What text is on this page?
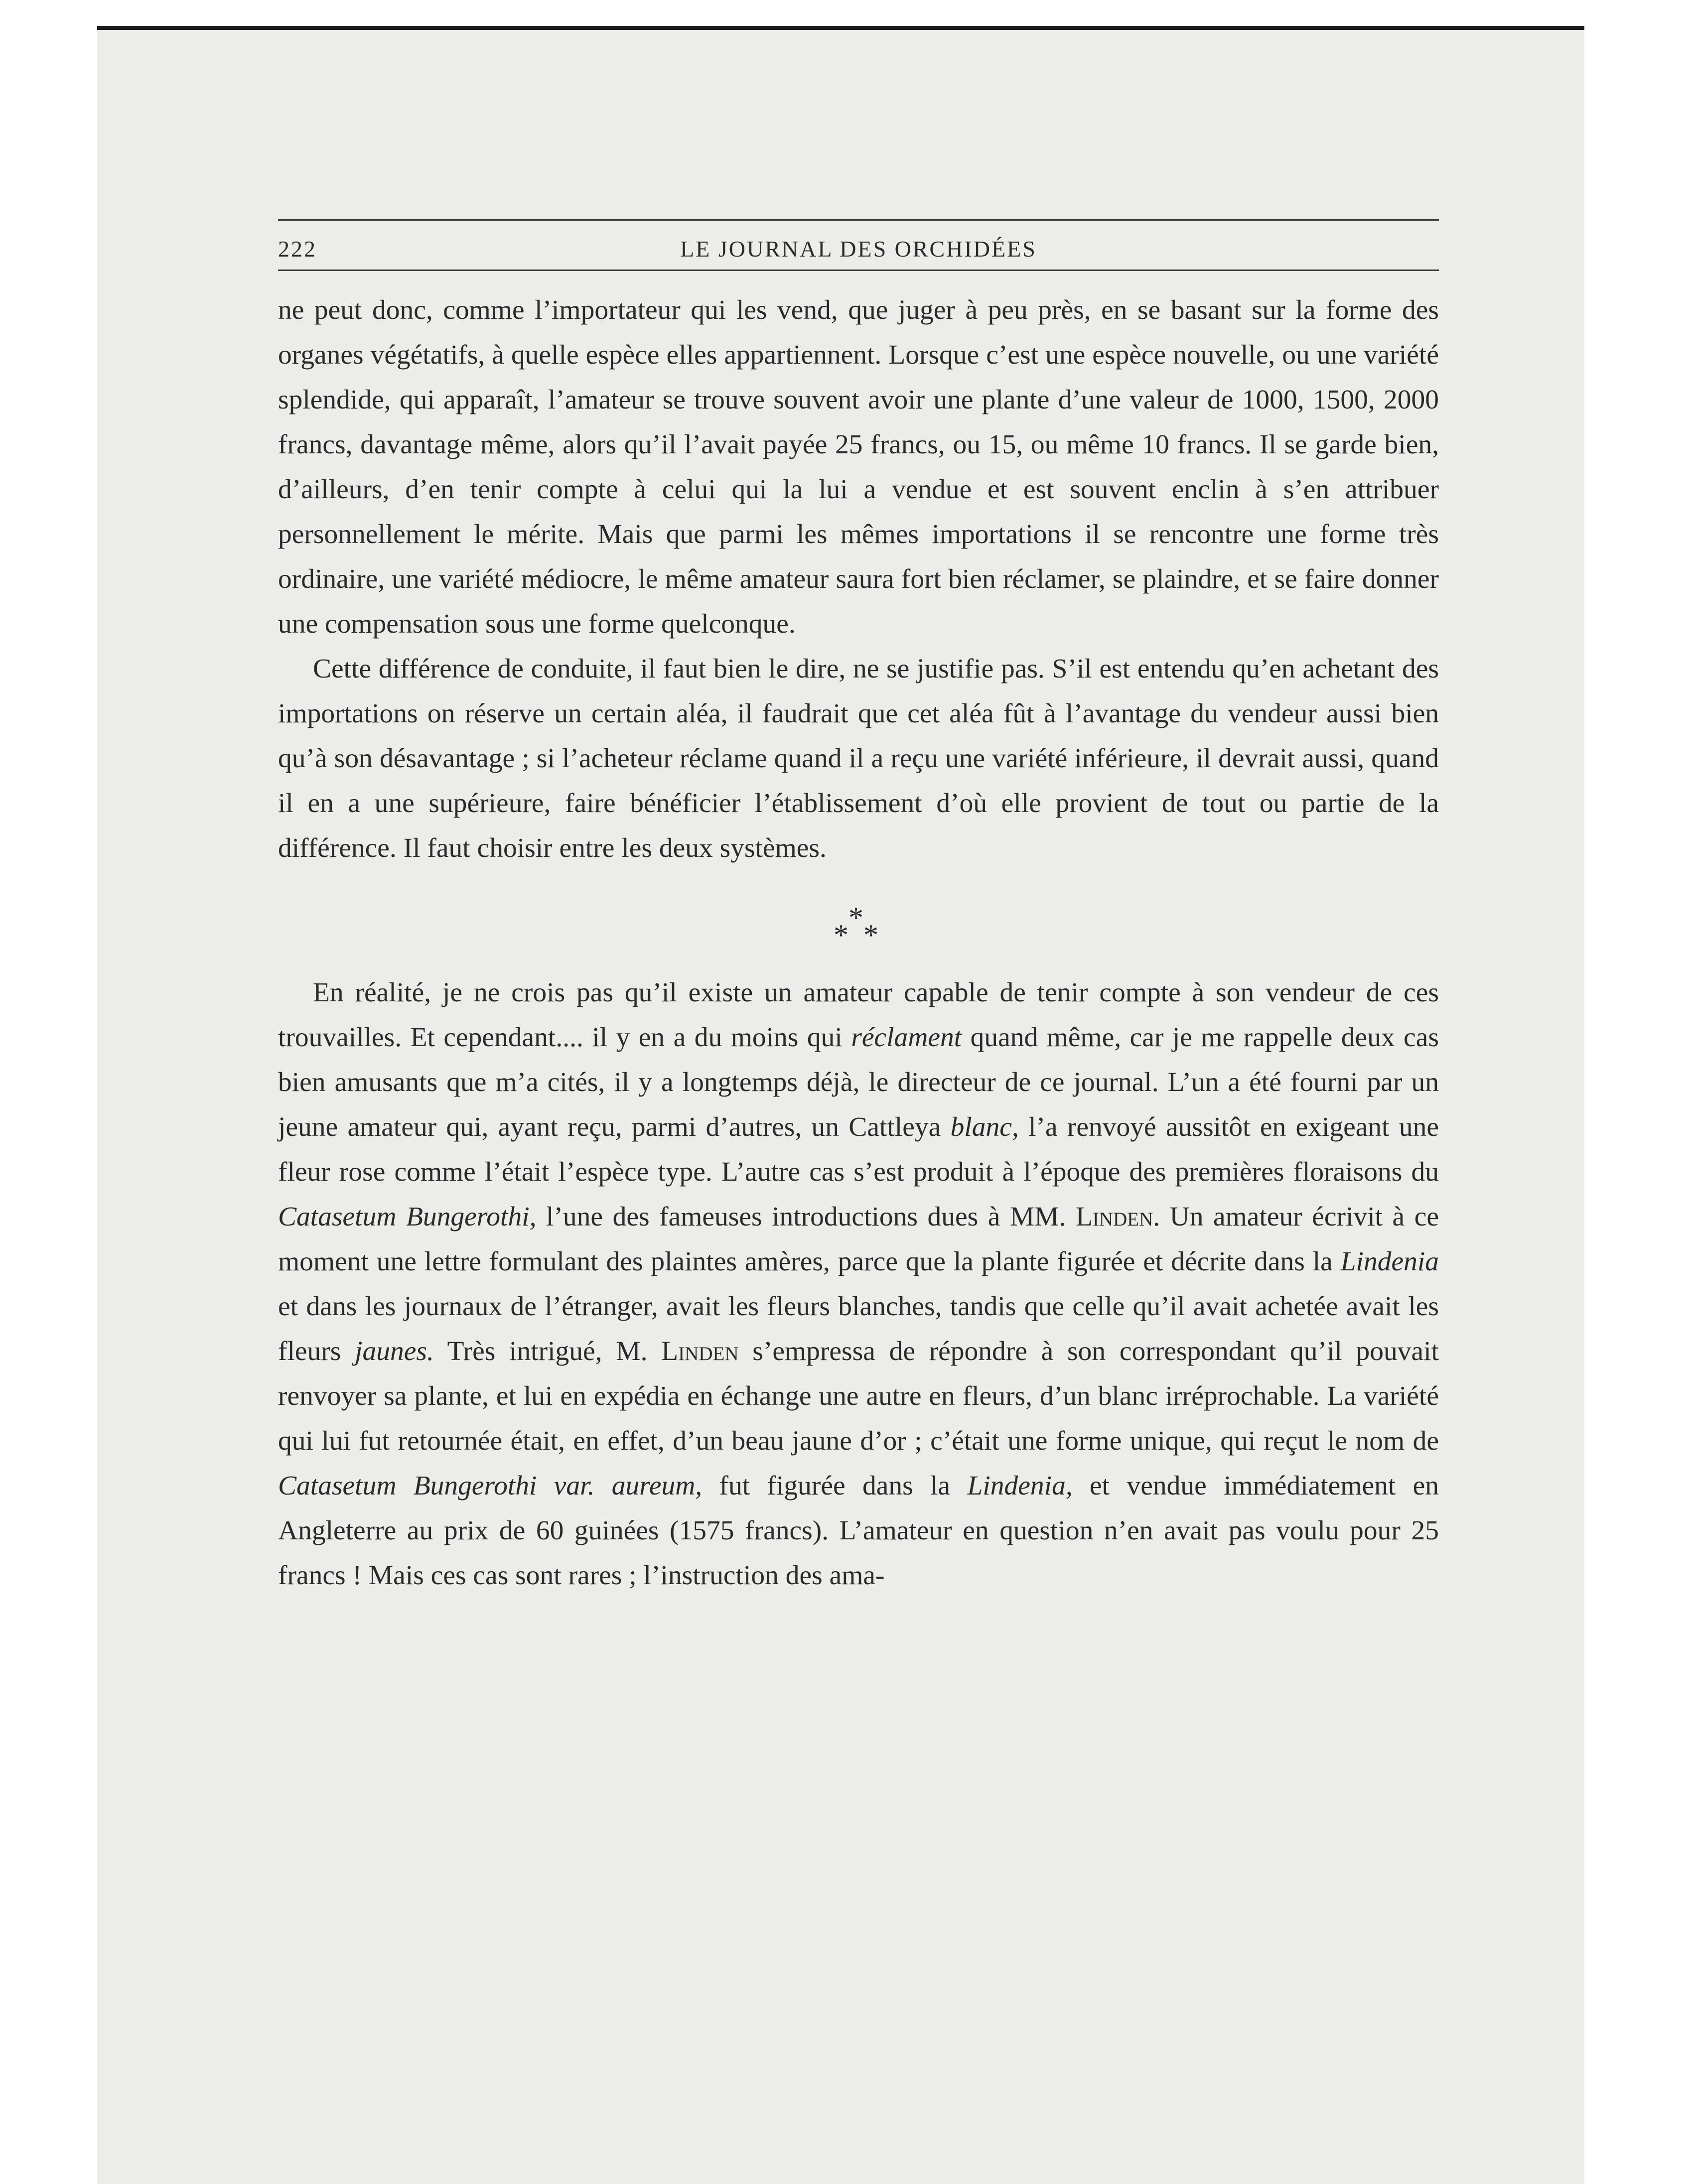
222	LE JOURNAL DES ORCHIDÉES

ne peut donc, comme l’importateur qui les vend, que juger à peu près, en se basant sur la forme des organes végétatifs, à quelle espèce elles appartiennent. Lorsque c’est une espèce nouvelle, ou une variété splendide, qui apparaît, l’amateur se trouve souvent avoir une plante d’une valeur de 1000, 1500, 2000 francs, davantage même, alors qu’il l’avait payée 25 francs, ou 15, ou même 10 francs. Il se garde bien, d’ailleurs, d’en tenir compte à celui qui la lui a vendue et est souvent enclin à s’en attribuer personnellement le mérite. Mais que parmi les mêmes importations il se rencontre une forme très ordinaire, une variété médiocre, le même amateur saura fort bien réclamer, se plaindre, et se faire donner une compensation sous une forme quelconque.

Cette différence de conduite, il faut bien le dire, ne se justifie pas. S’il est entendu qu’en achetant des importations on réserve un certain aléa, il faudrait que cet aléa fût à l’avantage du vendeur aussi bien qu’à son désavantage ; si l’acheteur réclame quand il a reçu une variété inférieure, il devrait aussi, quand il en a une supérieure, faire bénéficier l’établissement d’où elle provient de tout ou partie de la différence. Il faut choisir entre les deux systèmes.

*
* *

En réalité, je ne crois pas qu’il existe un amateur capable de tenir compte à son vendeur de ces trouvailles. Et cependant.... il y en a du moins qui réclament quand même, car je me rappelle deux cas bien amusants que m’a cités, il y a longtemps déjà, le directeur de ce journal. L’un a été fourni par un jeune amateur qui, ayant reçu, parmi d’autres, un Cattleya blanc, l’a renvoyé aussitôt en exigeant une fleur rose comme l’était l’espèce type. L’autre cas s’est produit à l’époque des premières floraisons du Catasetum Bungerothi, l’une des fameuses introductions dues à MM. Linden. Un amateur écrivit à ce moment une lettre formulant des plaintes amères, parce que la plante figurée et décrite dans la Lindenia et dans les journaux de l’étranger, avait les fleurs blanches, tandis que celle qu’il avait achetée avait les fleurs jaunes. Très intrigué, M. Linden s’empressa de répondre à son correspondant qu’il pouvait renvoyer sa plante, et lui en expédia en échange une autre en fleurs, d’un blanc irréprochable. La variété qui lui fut retournée était, en effet, d’un beau jaune d’or ; c’était une forme unique, qui reçut le nom de Catasetum Bungerothi var. aureum, fut figurée dans la Lindenia, et vendue immédiatement en Angleterre au prix de 60 guinées (1575 francs). L’amateur en question n’en avait pas voulu pour 25 francs ! Mais ces cas sont rares ; l’instruction des ama-
